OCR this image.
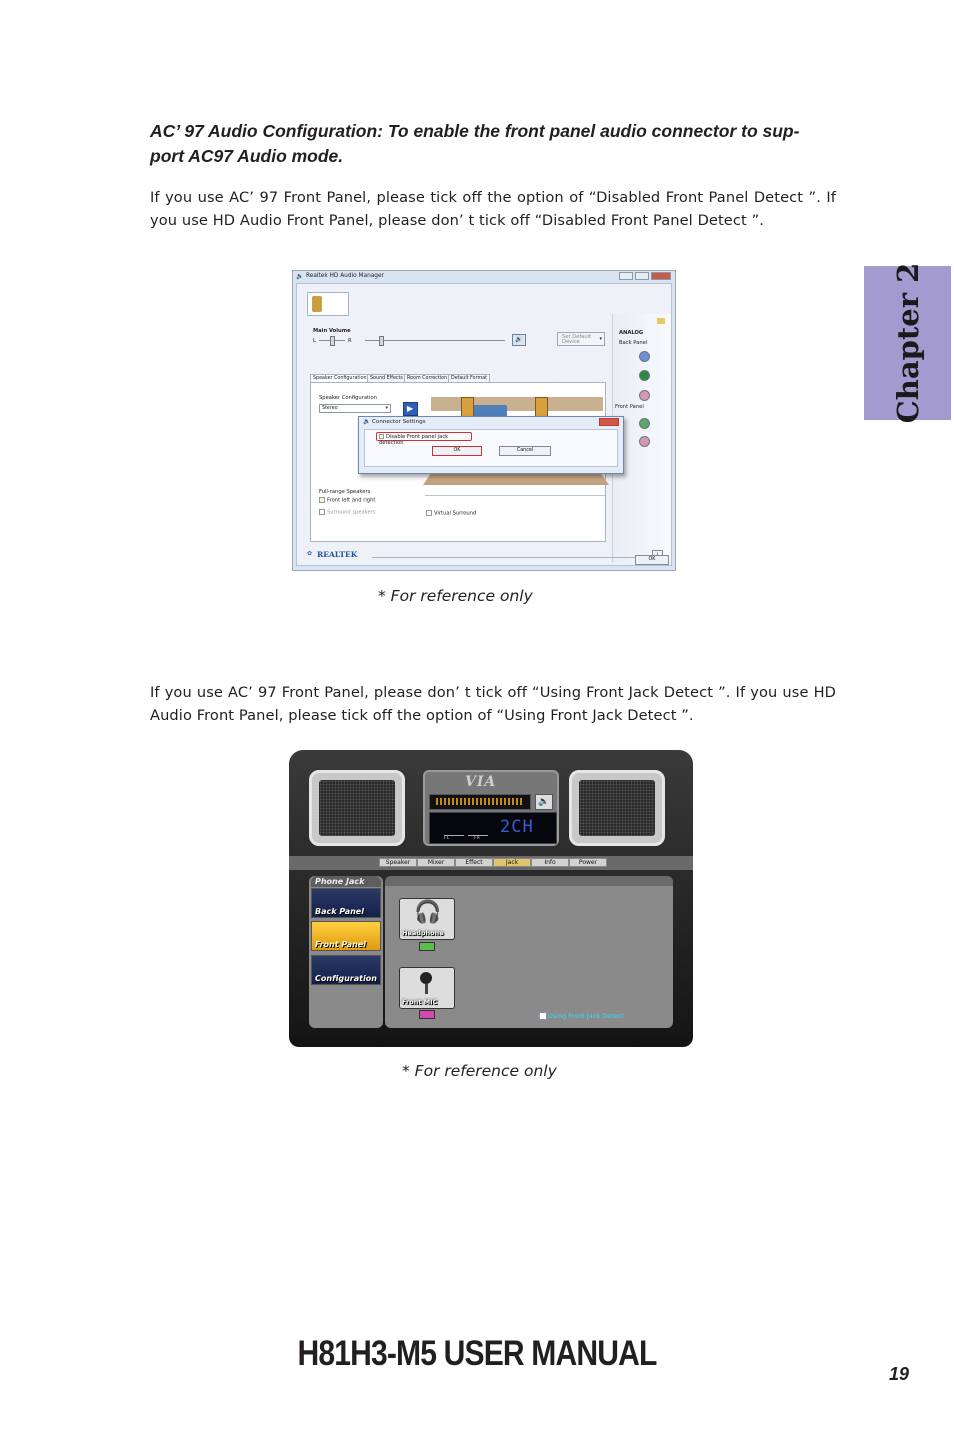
AC’ 97 Audio Configuration: To enable the front panel audio connector to sup- port AC97 Audio mode.
If you use AC’ 97 Front Panel, please tick off the option of “Disabled Front Panel Detect ”. If you use HD Audio Front Panel, please don’ t tick off “Disabled Front Panel Detect ”.
🔈 Realtek HD Audio Manager
Main Volume
L	R	🔊	Set Default Device	▾
ANALOG
Back Panel
Front Panel
Speaker Configuration Sound Effects Room Correction Default Format
Speaker Configuration
Stereo	▾ ▶
Full-range Speakers
Front left and right
Surround speakers	Virtual Surround
🔈 Connector Settings
Disable Front panel jack detection
OK	Cancel
✿ REALTEK
OK
* For reference only
If you use AC’ 97 Front Panel, please don’ t tick off “Using Front Jack Detect ”. If you use HD Audio Front Panel, please tick off the option of “Using Front Jack Detect ”.
VIA
🔈
FL	FR
2CH
Speaker	Mixer	Effect	Jack	Info	Power
Phone Jack
Back Panel
Front Panel
Configuration
🎧
Headphone
Front MIC
Using Front Jack Detect
* For reference only
Chapter 2
H81H3-M5 USER MANUAL
19
